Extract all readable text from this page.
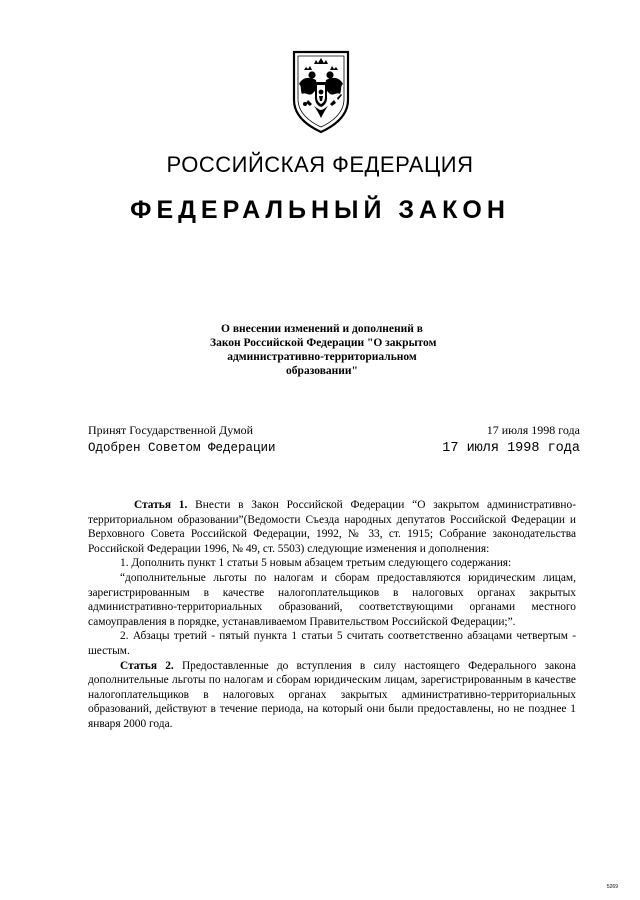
РОССИЙСКАЯ ФЕДЕРАЦИЯ
ФЕДЕРАЛЬНЫЙ ЗАКОН
О внесении изменений и дополнений в
Закон Российской Федерации "О закрытом
административно-территориальном
образовании"
Принят Государственной Думой	17 июля 1998 года
Одобрен Советом Федерации	17 июля 1998 года

Статья 1. Внести в Закон Российской Федерации “О закрытом административно-территориальном образовании”(Ведомости Съезда народных депутатов Российской Федерации и Верховного Совета Российской Федерации, 1992, № 33, ст. 1915; Собрание законодательства Российской Федерации 1996, № 49, ст. 5503) следующие изменения и дополнения:

1. Дополнить пункт 1 статьи 5 новым абзацем третьим следующего содержания:

“дополнительные льготы по налогам и сборам предоставляются юридическим лицам, зарегистрированным в качестве налогоплательщиков в налоговых органах закрытых административно-территориальных образований, соответствующими органами местного самоуправления в порядке, устанавливаемом Правительством Российской Федерации;”.

2. Абзацы третий - пятый пункта 1 статьи 5 считать соответственно абзацами четвертым - шестым.

Статья 2. Предоставленные до вступления в силу настоящего Федерального закона дополнительные льготы по налогам и сборам юридическим лицам, зарегистрированным в качестве налогоплательщиков в налоговых органах закрытых административно-территориальных образований, действуют в течение периода, на который они были предоставлены, но не позднее 1 января 2000 года.

5269
